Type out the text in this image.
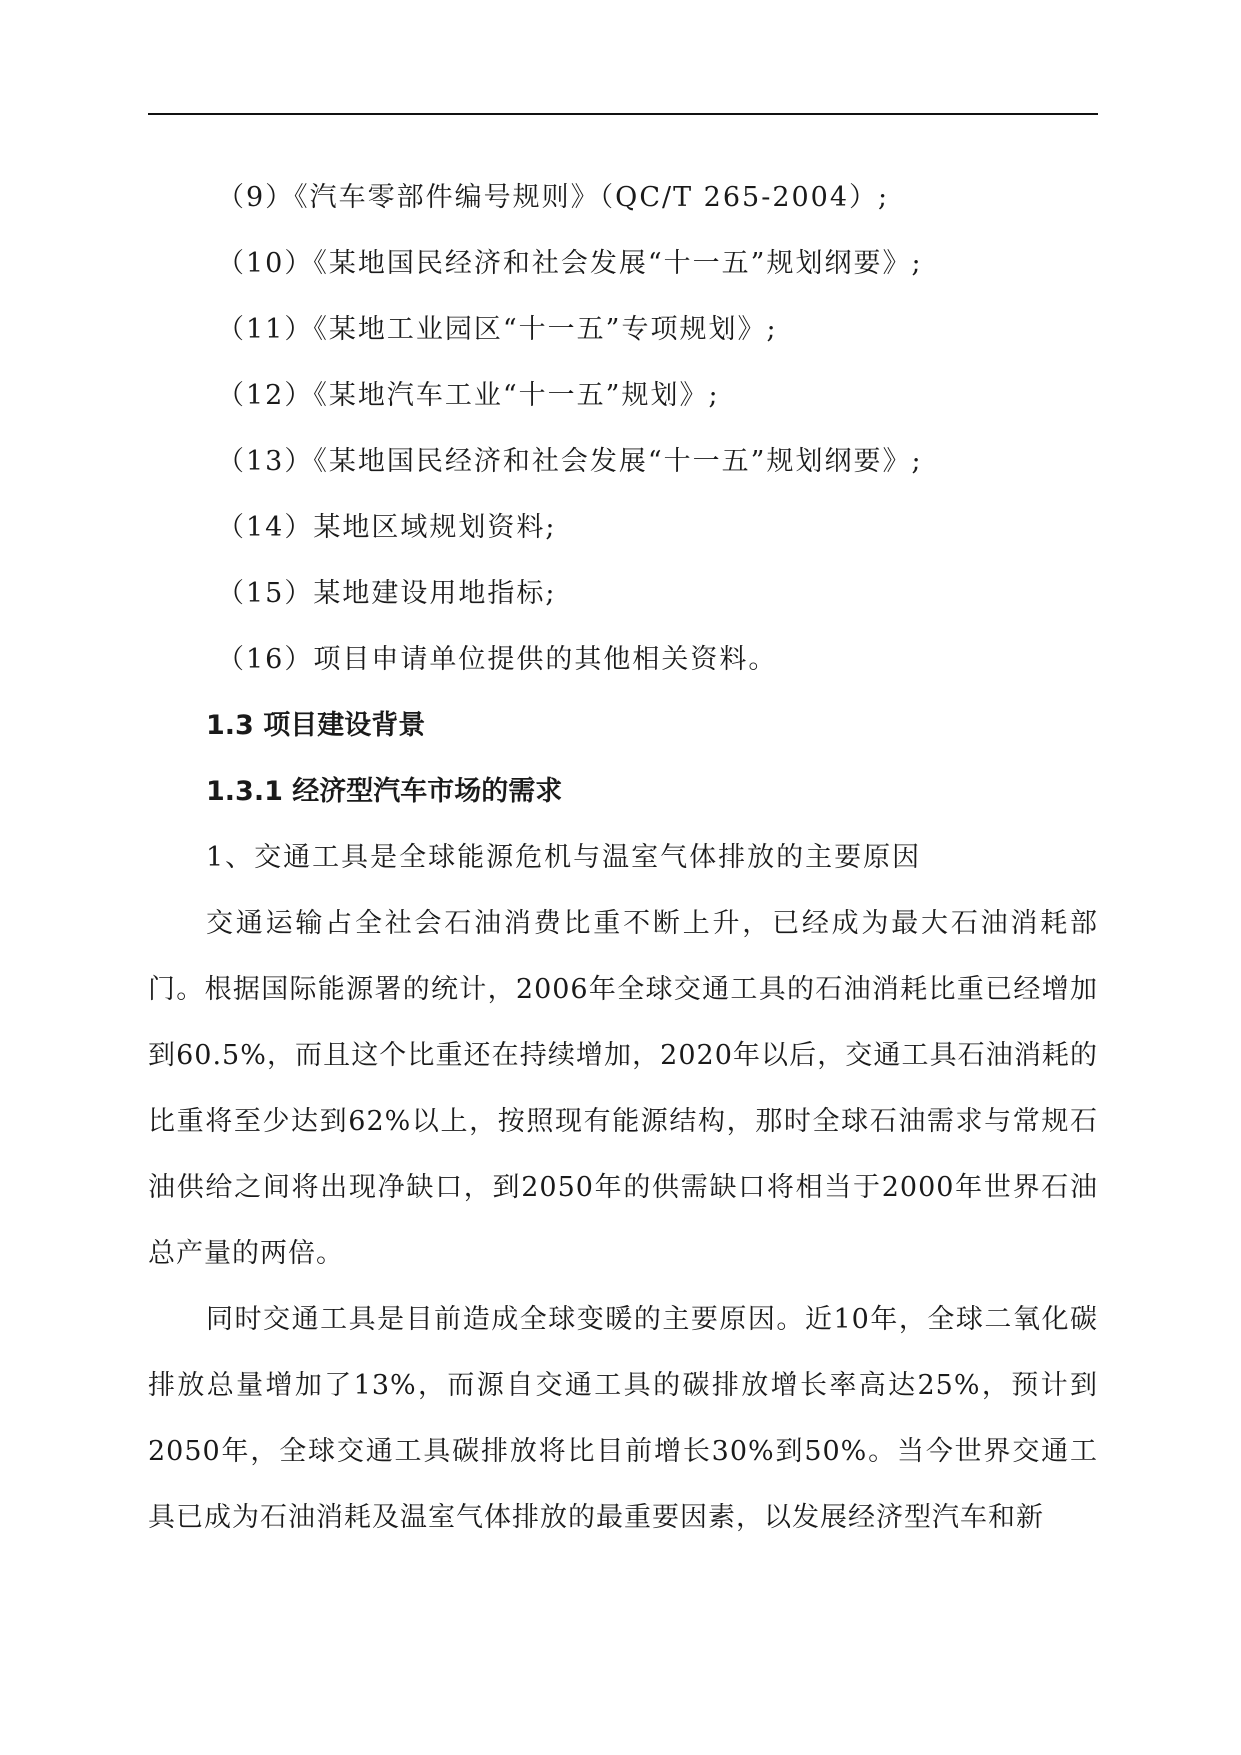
（9）《汽车零部件编号规则》（QC/T 265-2004）;
（10）《某地国民经济和社会发展“十一五”规划纲要》;
（11）《某地工业园区“十一五”专项规划》;
（12）《某地汽车工业“十一五”规划》;
（13）《某地国民经济和社会发展“十一五”规划纲要》;
（14）某地区域规划资料;
（15）某地建设用地指标;
（16）项目申请单位提供的其他相关资料。
1.3 项目建设背景
1.3.1 经济型汽车市场的需求
1、交通工具是全球能源危机与温室气体排放的主要原因

交通运输占全社会石油消费比重不断上升，已经成为最大石油消耗部门。根据国际能源署的统计，2006年全球交通工具的石油消耗比重已经增加到60.5%，而且这个比重还在持续增加，2020年以后，交通工具石油消耗的比重将至少达到62%以上，按照现有能源结构，那时全球石油需求与常规石油供给之间将出现净缺口，到2050年的供需缺口将相当于2000年世界石油总产量的两倍。

同时交通工具是目前造成全球变暖的主要原因。近10年，全球二氧化碳排放总量增加了13%，而源自交通工具的碳排放增长率高达25%，预计到2050年，全球交通工具碳排放将比目前增长30%到50%。当今世界交通工具已成为石油消耗及温室气体排放的最重要因素，以发展经济型汽车和新
